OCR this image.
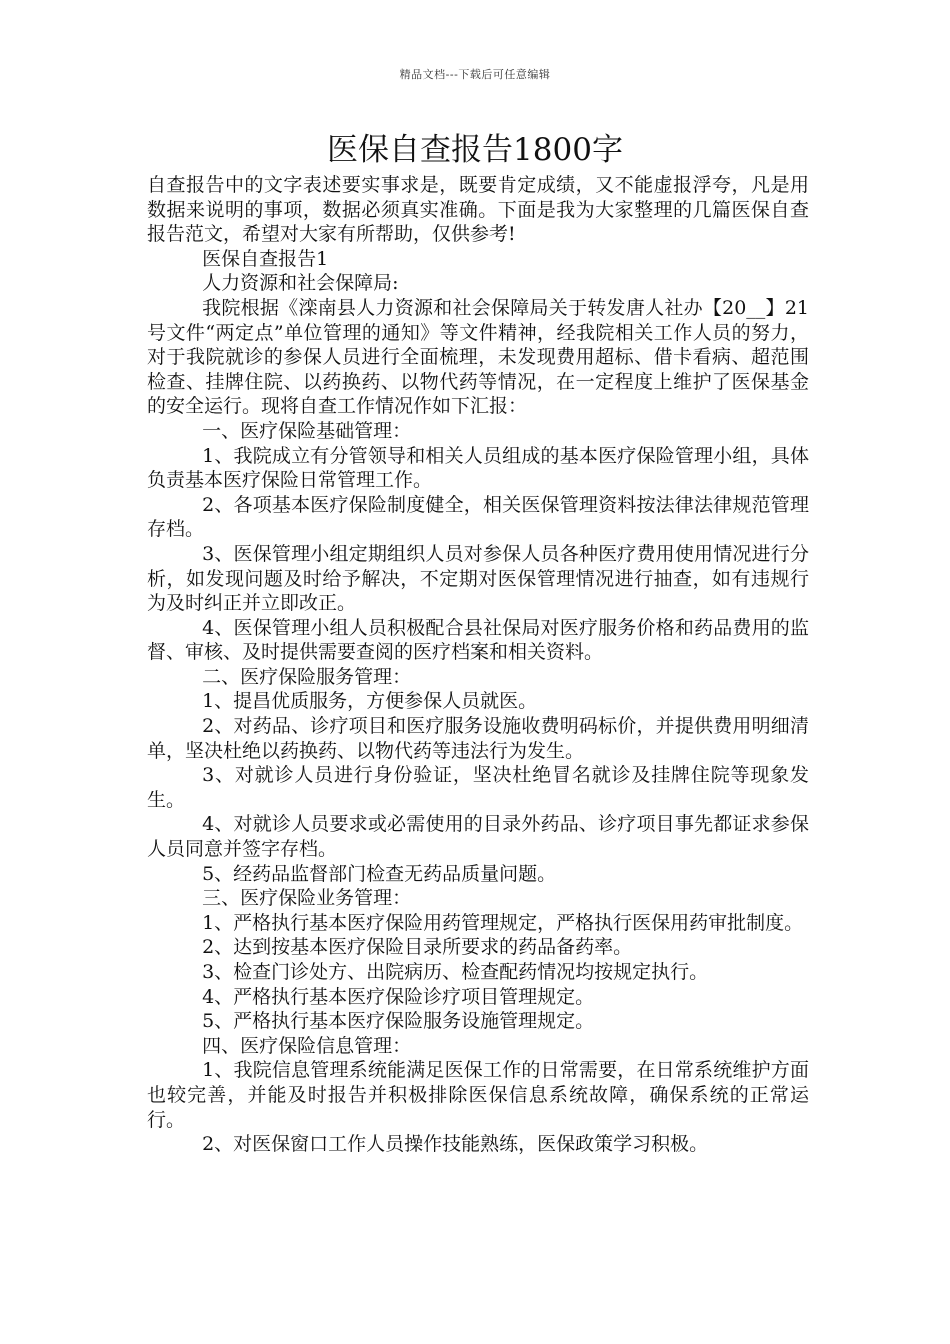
精品文档---下载后可任意编辑
医保自查报告1800字

自查报告中的文字表述要实事求是，既要肯定成绩，又不能虚报浮夸，凡是用数据来说明的事项，数据必须真实准确。下面是我为大家整理的几篇医保自查报告范文，希望对大家有所帮助，仅供参考!

医保自查报告1

人力资源和社会保障局:

我院根据《滦南县人力资源和社会保障局关于转发唐人社办【20__】21号文件“两定点”单位管理的通知》等文件精神，经我院相关工作人员的努力，对于我院就诊的参保人员进行全面梳理，未发现费用超标、借卡看病、超范围检查、挂牌住院、以药换药、以物代药等情况，在一定程度上维护了医保基金的安全运行。现将自查工作情况作如下汇报：

一、医疗保险基础管理：

1、我院成立有分管领导和相关人员组成的基本医疗保险管理小组，具体负责基本医疗保险日常管理工作。

2、各项基本医疗保险制度健全，相关医保管理资料按法律法律规范管理存档。

3、医保管理小组定期组织人员对参保人员各种医疗费用使用情况进行分析，如发现问题及时给予解决，不定期对医保管理情况进行抽查，如有违规行为及时纠正并立即改正。

4、医保管理小组人员积极配合县社保局对医疗服务价格和药品费用的监督、审核、及时提供需要查阅的医疗档案和相关资料。

二、医疗保险服务管理：

1、提昌优质服务，方便参保人员就医。

2、对药品、诊疗项目和医疗服务设施收费明码标价，并提供费用明细清单，坚决杜绝以药换药、以物代药等违法行为发生。

3、对就诊人员进行身份验证，坚决杜绝冒名就诊及挂牌住院等现象发生。

4、对就诊人员要求或必需使用的目录外药品、诊疗项目事先都证求参保人员同意并签字存档。

5、经药品监督部门检查无药品质量问题。

三、医疗保险业务管理：

1、严格执行基本医疗保险用药管理规定，严格执行医保用药审批制度。

2、达到按基本医疗保险目录所要求的药品备药率。

3、检查门诊处方、出院病历、检查配药情况均按规定执行。

4、严格执行基本医疗保险诊疗项目管理规定。

5、严格执行基本医疗保险服务设施管理规定。

四、医疗保险信息管理：

1、我院信息管理系统能满足医保工作的日常需要，在日常系统维护方面也较完善，并能及时报告并积极排除医保信息系统故障，确保系统的正常运行。

2、对医保窗口工作人员操作技能熟练，医保政策学习积极。
